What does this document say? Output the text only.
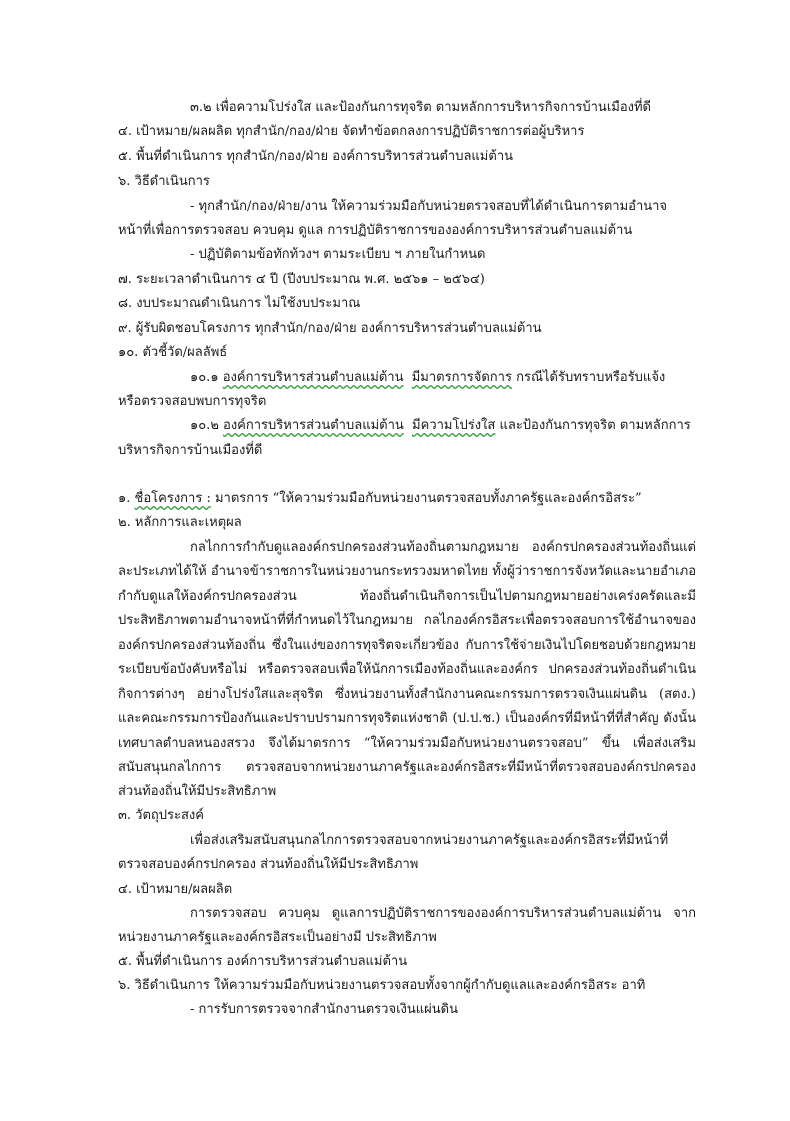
๓.๒ เพื่อความโปร่งใส และป้องกันการทุจริต ตามหลักการบริหารกิจการบ้านเมืองที่ดี
๔. เป้าหมาย/ผลผลิต ทุกสำนัก/กอง/ฝ่าย จัดทำข้อตกลงการปฏิบัติราชการต่อผู้บริหาร
๕. พื้นที่ดำเนินการ ทุกสำนัก/กอง/ฝ่าย องค์การบริหารส่วนตำบลแม่ต้าน
๖. วิธีดำเนินการ
- ทุกสำนัก/กอง/ฝ่าย/งาน ให้ความร่วมมือกับหน่วยตรวจสอบที่ได้ดำเนินการตามอำนาจ
หน้าที่เพื่อการตรวจสอบ ควบคุม ดูแล การปฏิบัติราชการขององค์การบริหารส่วนตำบลแม่ต้าน
- ปฏิบัติตามข้อทักท้วงฯ ตามระเบียบ ฯ ภายในกำหนด
๗. ระยะเวลาดำเนินการ ๔ ปี (ปีงบประมาณ พ.ศ. ๒๕๖๑ – ๒๕๖๔)
๘. งบประมาณดำเนินการ ไม่ใช้งบประมาณ
๙. ผู้รับผิดชอบโครงการ ทุกสำนัก/กอง/ฝ่าย องค์การบริหารส่วนตำบลแม่ต้าน
๑๐. ตัวชี้วัด/ผลลัพธ์
๑๐.๑ องค์การบริหารส่วนตำบลแม่ต้าน มีมาตรการจัดการ กรณีได้รับทราบหรือรับแจ้ง
หรือตรวจสอบพบการทุจริต
๑๐.๒ องค์การบริหารส่วนตำบลแม่ต้าน มีความโปร่งใส และป้องกันการทุจริต ตามหลักการ
บริหารกิจการบ้านเมืองที่ดี
๑. ชื่อโครงการ : มาตรการ “ให้ความร่วมมือกับหน่วยงานตรวจสอบทั้งภาครัฐและองค์กรอิสระ”
๒. หลักการและเหตุผล
กลไกการกำกับดูแลองค์กรปกครองส่วนท้องถิ่นตามกฎหมาย องค์กรปกครองส่วนท้องถิ่นแต่
ละประเภทได้ให้ อำนาจข้าราชการในหน่วยงานกระทรวงมหาดไทย ทั้งผู้ว่าราชการจังหวัดและนายอำเภอ
กำกับดูแลให้องค์กรปกครองส่วน ท้องถิ่นดำเนินกิจการเป็นไปตามกฎหมายอย่างเคร่งครัดและมี
ประสิทธิภาพตามอำนาจหน้าที่ที่กำหนดไว้ในกฎหมาย กลไกองค์กรอิสระเพื่อตรวจสอบการใช้อำนาจของ
องค์กรปกครองส่วนท้องถิ่น ซึ่งในแง่ของการทุจริตจะเกี่ยวข้อง กับการใช้จ่ายเงินไปโดยชอบด้วยกฎหมาย
ระเบียบข้อบังคับหรือไม่ หรือตรวจสอบเพื่อให้นักการเมืองท้องถิ่นและองค์กร ปกครองส่วนท้องถิ่นดำเนิน
กิจการต่างๆ อย่างโปร่งใสและสุจริต ซึ่งหน่วยงานทั้งสำนักงานคณะกรรมการตรวจเงินแผ่นดิน (สตง.)
และคณะกรรมการป้องกันและปราบปรามการทุจริตแห่งชาติ (ป.ป.ช.) เป็นองค์กรที่มีหน้าที่ที่สำคัญ ดังนั้น
เทศบาลตำบลหนองสรวง จึงได้มาตรการ “ให้ความร่วมมือกับหน่วยงานตรวจสอบ” ขึ้น เพื่อส่งเสริม
สนับสนุนกลไกการ ตรวจสอบจากหน่วยงานภาครัฐและองค์กรอิสระที่มีหน้าที่ตรวจสอบองค์กรปกครอง
ส่วนท้องถิ่นให้มีประสิทธิภาพ
๓. วัตถุประสงค์
เพื่อส่งเสริมสนับสนุนกลไกการตรวจสอบจากหน่วยงานภาครัฐและองค์กรอิสระที่มีหน้าที่
ตรวจสอบองค์กรปกครอง ส่วนท้องถิ่นให้มีประสิทธิภาพ
๔. เป้าหมาย/ผลผลิต
การตรวจสอบ ควบคุม ดูแลการปฏิบัติราชการขององค์การบริหารส่วนตำบลแม่ต้าน จาก
หน่วยงานภาครัฐและองค์กรอิสระเป็นอย่างมี ประสิทธิภาพ
๕. พื้นที่ดำเนินการ องค์การบริหารส่วนตำบลแม่ต้าน
๖. วิธีดำเนินการ ให้ความร่วมมือกับหน่วยงานตรวจสอบทั้งจากผู้กำกับดูแลและองค์กรอิสระ อาทิ
- การรับการตรวจจากสำนักงานตรวจเงินแผ่นดิน
